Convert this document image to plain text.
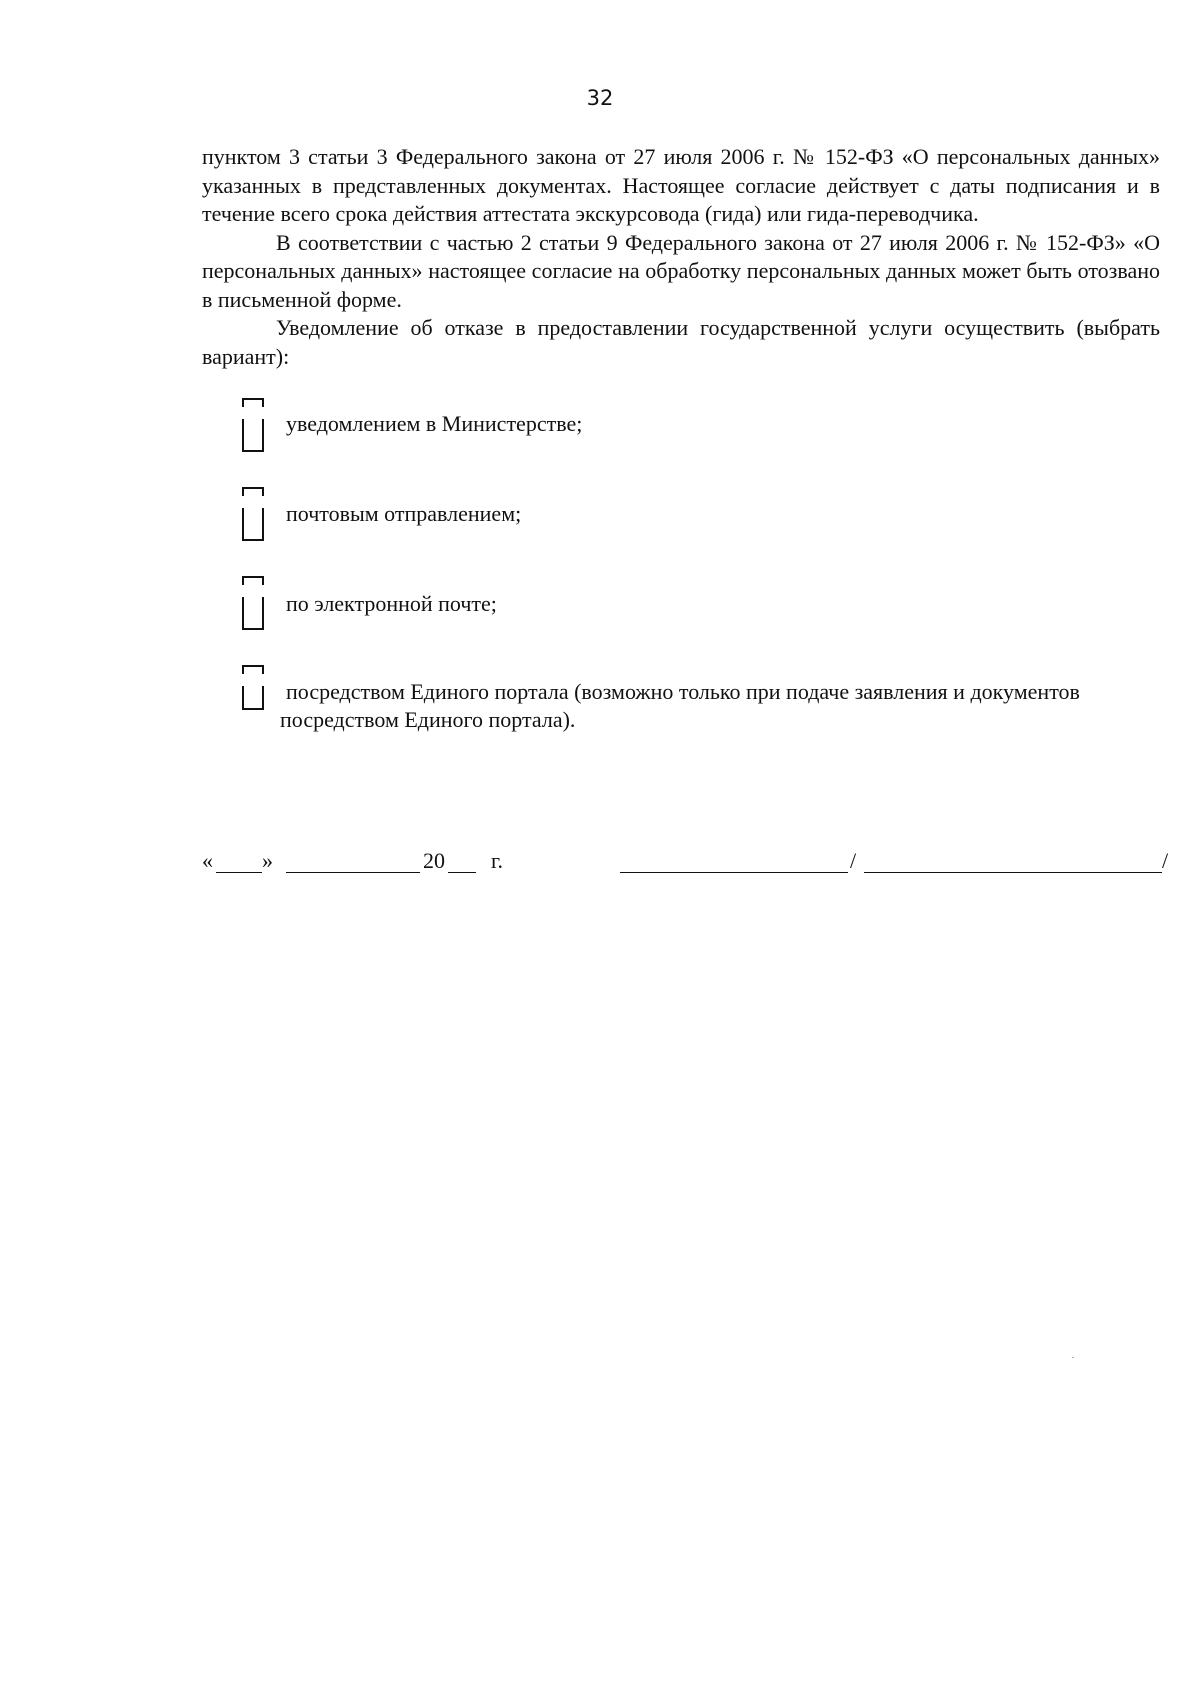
32

пунктом 3 статьи 3 Федерального закона от 27 июля 2006 г. № 152-ФЗ «О персональных данных» указанных в представленных документах. Настоящее согласие действует с даты подписания и в течение всего срока действия аттестата экскурсовода (гида) или гида-переводчика.

В соответствии с частью 2 статьи 9 Федерального закона от 27 июля 2006 г. № 152-ФЗ» «О персональных данных» настоящее согласие на обработку персональных данных может быть отозвано в письменной форме.

Уведомление об отказе в предоставлении государственной услуги осуществить (выбрать вариант):

уведомлением в Министерстве;
почтовым отправлением;
по электронной почте;
посредством Единого портала (возможно только при подаче заявления и документов
посредством Единого портала).
« »	20 г.	/	/
